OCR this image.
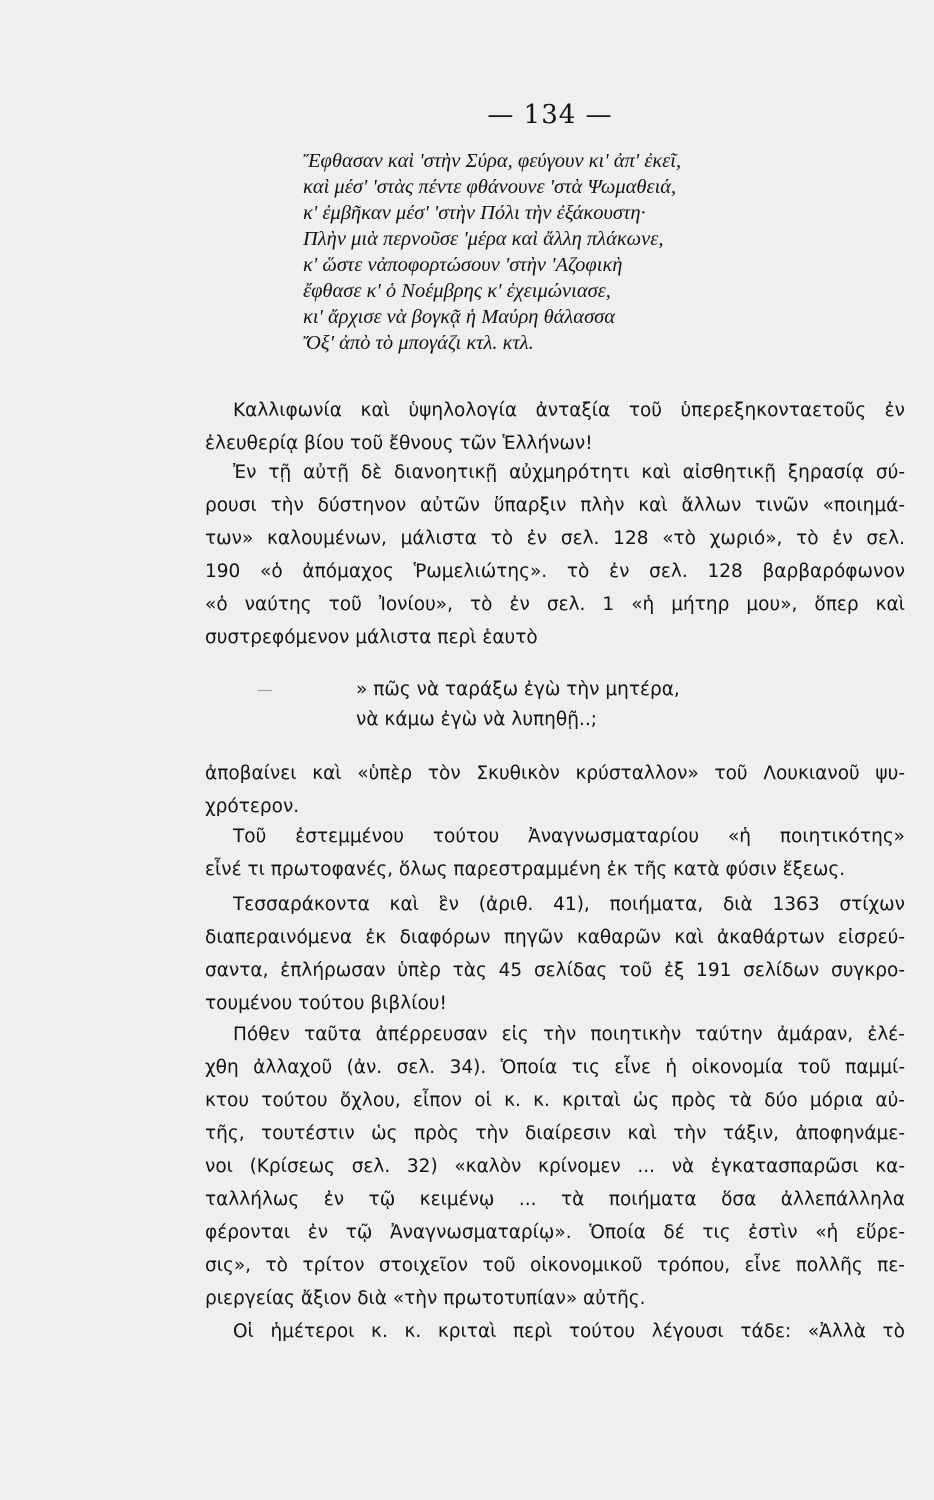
— 134 —
Ἔφθασαν καὶ 'στὴν Σύρα, φεύγουν κι' ἀπ' ἐκεῖ,
καὶ μέσ' 'στὰς πέντε φθάνουνε 'στὰ Ψωμαθειά,
κ' ἐμβῆκαν μέσ' 'στὴν Πόλι τὴν ἐξάκουστη·
Πλὴν μιὰ περνοῦσε 'μέρα καὶ ἄλλη πλάκωνε,
κ' ὥστε νἀποφορτώσουν 'στὴν 'Αζοφικὴ
ἔφθασε κ' ὁ Νοέμβρης κ' ἐχειμώνιασε,
κι' ἄρχισε νὰ βογκᾷ ἡ Μαύρη θάλασσα
Ὄξ' ἀπὸ τὸ μπογάζι κτλ. κτλ.
Καλλιφωνία καὶ ὑψηλολογία ἀνταξία τοῦ ὑπερεξηκονταετοῦς ἐν
ἐλευθερίᾳ βίου τοῦ ἔθνους τῶν Ἑλλήνων!
Ἐν τῇ αὐτῇ δὲ διανοητικῇ αὐχμηρότητι καὶ αἰσθητικῇ ξηρασίᾳ σύ-
ρουσι τὴν δύστηνον αὐτῶν ὕπαρξιν πλὴν καὶ ἄλλων τινῶν «ποιημά-
των» καλουμένων, μάλιστα τὸ ἐν σελ. 128 «τὸ χωριό», τὸ ἐν σελ.
190 «ὁ ἀπόμαχος Ῥωμελιώτης». τὸ ἐν σελ. 128 βαρβαρόφωνον
«ὁ ναύτης τοῦ Ἰονίου», τὸ ἐν σελ. 1 «ἡ μήτηρ μου», ὅπερ καὶ
συστρεφόμενον μάλιστα περὶ ἑαυτὸ
» πῶς νὰ ταράξω ἐγὼ τὴν μητέρα,
νὰ κάμω ἐγὼ νὰ λυπηθῇ..;
ἀποβαίνει καὶ «ὑπὲρ τὸν Σκυθικὸν κρύσταλλον» τοῦ Λουκιανοῦ ψυ-
χρότερον.
Τοῦ ἐστεμμένου τούτου Ἀναγνωσματαρίου «ἡ ποιητικότης»
εἶνέ τι πρωτοφανές, ὅλως παρεστραμμένη ἐκ τῆς κατὰ φύσιν ἕξεως.
Τεσσαράκοντα καὶ ἓν (ἀριθ. 41), ποιήματα, διὰ 1363 στίχων
διαπεραινόμενα ἐκ διαφόρων πηγῶν καθαρῶν καὶ ἀκαθάρτων εἰσρεύ-
σαντα, ἐπλήρωσαν ὑπὲρ τὰς 45 σελίδας τοῦ ἐξ 191 σελίδων συγκρο-
τουμένου τούτου βιβλίου!
Πόθεν ταῦτα ἀπέρρευσαν εἰς τὴν ποιητικὴν ταύτην ἀμάραν, ἐλέ-
χθη ἀλλαχοῦ (ἀν. σελ. 34). Ὁποία τις εἶνε ἡ οἰκονομία τοῦ παμμί-
κτου τούτου ὄχλου, εἶπον οἱ κ. κ. κριταὶ ὡς πρὸς τὰ δύο μόρια αὐ-
τῆς, τουτέστιν ὡς πρὸς τὴν διαίρεσιν καὶ τὴν τάξιν, ἀποφηνάμε-
νοι (Κρίσεως σελ. 32) «καλὸν κρίνομεν ... νὰ ἐγκατασπαρῶσι κα-
ταλλήλως ἐν τῷ κειμένῳ ... τὰ ποιήματα ὅσα ἀλλεπάλληλα
φέρονται ἐν τῷ Ἀναγνωσματαρίῳ». Ὁποία δέ τις ἐστὶν «ἡ εὕρε-
σις», τὸ τρίτον στοιχεῖον τοῦ οἰκονομικοῦ τρόπου, εἶνε πολλῆς πε-
ριεργείας ἄξιον διὰ «τὴν πρωτοτυπίαν» αὐτῆς.
Οἱ ἡμέτεροι κ. κ. κριταὶ περὶ τούτου λέγουσι τάδε: «Ἀλλὰ τὸ
